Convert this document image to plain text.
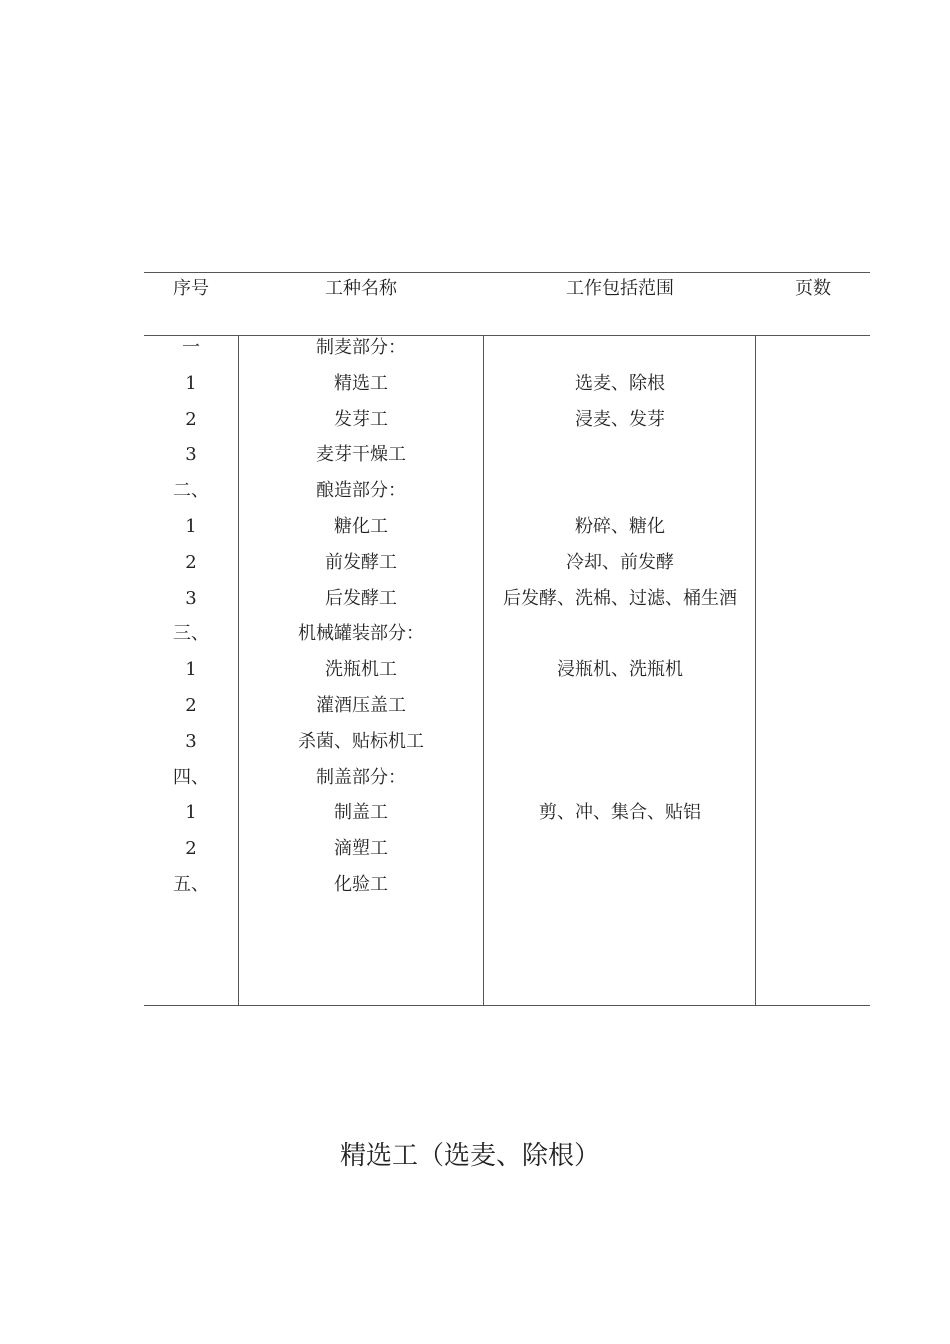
序号	工种名称	工作包括范围	页数
一	制麦部分：
1	精选工	选麦、除根
2	发芽工	浸麦、发芽
3	麦芽干燥工
二、	酿造部分：
1	糖化工	粉碎、糖化
2	前发酵工	冷却、前发酵
3	后发酵工	后发酵、洗棉、过滤、桶生酒
三、	机械罐装部分：
1	洗瓶机工	浸瓶机、洗瓶机
2	灌酒压盖工
3	杀菌、贴标机工
四、	制盖部分：
1	制盖工	剪、冲、集合、贴铝
2	滴塑工
五、	化验工
精选工（选麦、除根）
